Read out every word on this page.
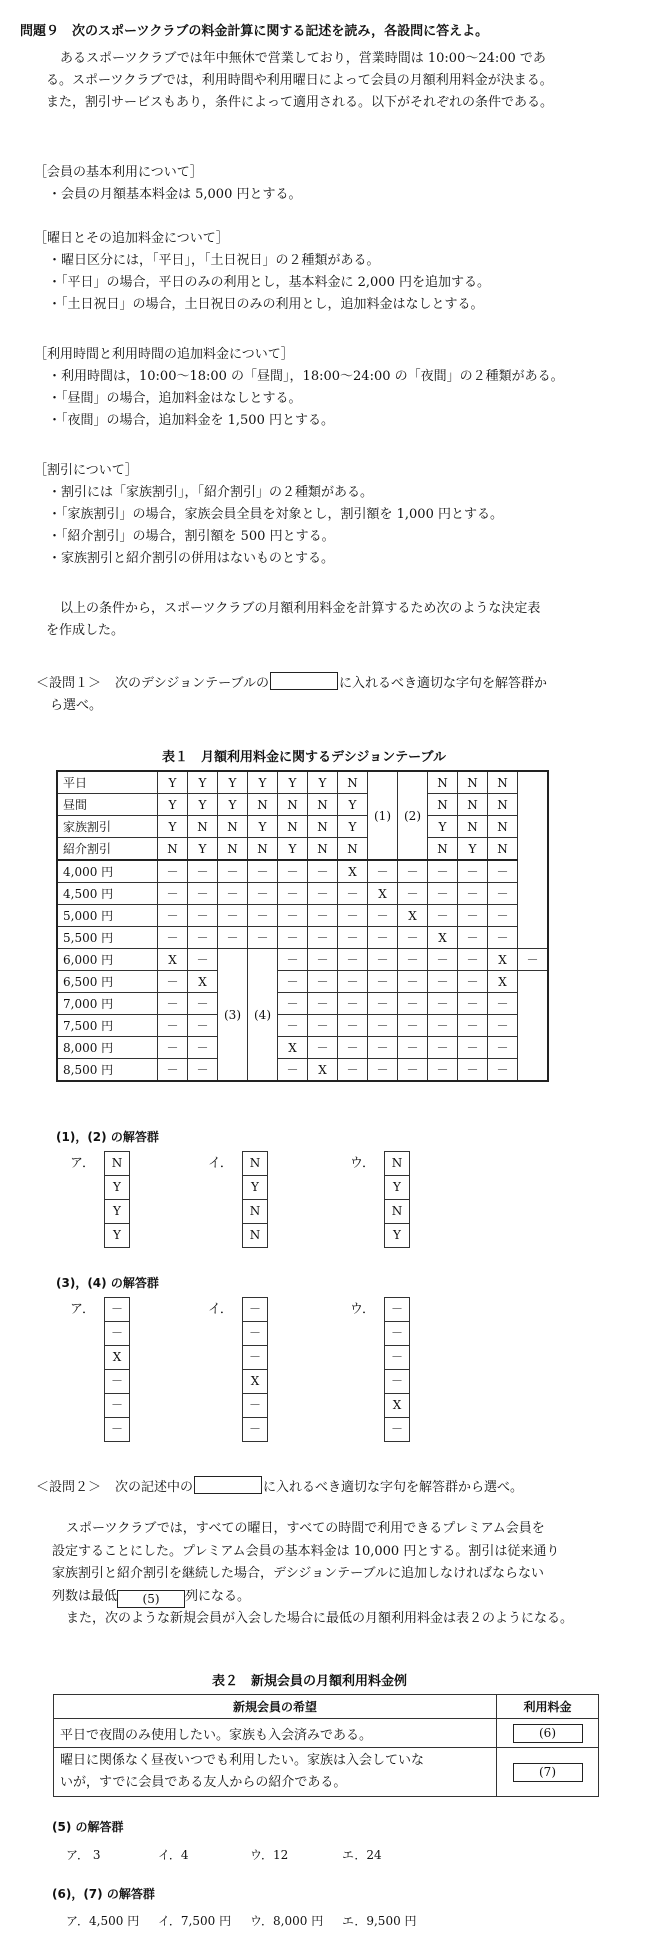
問題９　次のスポーツクラブの料金計算に関する記述を読み，各設問に答えよ。
あるスポーツクラブでは年中無休で営業しており，営業時間は 10:00～24:00 であ
る。スポーツクラブでは，利用時間や利用曜日によって会員の月額利用料金が決まる。
また，割引サービスもあり，条件によって適用される。以下がそれぞれの条件である。
［会員の基本利用について］
・会員の月額基本料金は 5,000 円とする。
［曜日とその追加料金について］
・曜日区分には，「平日」，「土日祝日」の２種類がある。
・「平日」の場合，平日のみの利用とし，基本料金に 2,000 円を追加する。
・「土日祝日」の場合，土日祝日のみの利用とし，追加料金はなしとする。
［利用時間と利用時間の追加料金について］
・利用時間は，10:00～18:00 の「昼間」，18:00～24:00 の「夜間」の２種類がある。
・「昼間」の場合，追加料金はなしとする。
・「夜間」の場合，追加料金を 1,500 円とする。
［割引について］
・割引には「家族割引」，「紹介割引」の２種類がある。
・「家族割引」の場合，家族会員全員を対象とし，割引額を 1,000 円とする。
・「紹介割引」の場合，割引額を 500 円とする。
・家族割引と紹介割引の併用はないものとする。
以上の条件から，スポーツクラブの月額利用料金を計算するため次のような決定表
を作成した。
＜設問１＞ 次のデシジョンテーブルの	に入れるべき適切な字句を解答群か
ら選べ。
表１　月額利用料金に関するデシジョンテーブル
平日	Y	Y	Y	Y	Y	Y	N	(1)	(2)	N	N	N	
昼間	Y	Y	Y	N	N	N	Y			N	N	N	
家族割引	Y	N	N	Y	N	N	Y			Y	N	N	
紹介割引	N	Y	N	N	Y	N	N			N	Y	N	
4,000 円	－	－	－	－	－	－	X	－	－	－	－	－	
4,500 円	－	－	－	－	－	－	－	X	－	－	－	－	
5,000 円	－	－	－	－	－	－	－	－	X	－	－	－	
5,500 円	－	－	－	－	－	－	－	－	－	X	－	－	
6,000 円	X	－	(3)	(4)	－	－	－	－	－	－	－	X	－
6,500 円	－	X			－	－	－	－	－	－	－	X	
7,000 円	－	－			－	－	－	－	－	－	－	－	
7,500 円	－	－			－	－	－	－	－	－	－	－	
8,000 円	－	－			X	－	－	－	－	－	－	－	
8,500 円	－	－			－	X	－	－	－	－	－	－	
(1)，(2) の解答群
ア．	N
Y
Y
Y
イ．	N
Y
N
N
ウ．	N
Y
N
Y
(3)，(4) の解答群
ア．	－
－
X
－
－
－
イ．	－
－
－
X
－
－
ウ．	－
－
－
－
X
－
＜設問２＞ 次の記述中の	に入れるべき適切な字句を解答群から選べ。
スポーツクラブでは，すべての曜日，すべての時間で利用できるプレミアム会員を
設定することにした。プレミアム会員の基本料金は 10,000 円とする。割引は従来通り
家族割引と紹介割引を継続した場合，デシジョンテーブルに追加しなければならない
列数は最低 (5) 列になる。
また，次のような新規会員が入会した場合に最低の月額利用料金は表２のようになる。
表２　新規会員の月額利用料金例
新規会員の希望	利用料金
平日で夜間のみ使用したい。家族も入会済みである。	(6)

曜日に関係なく昼夜いつでも利用したい。家族は入会していな
いが，すでに会員である友人からの紹介である。	(7)
(5) の解答群
ア． 3	イ．4	ウ．12	エ．24
(6)，(7) の解答群
ア．4,500 円 イ．7,500 円 ウ．8,000 円 エ．9,500 円
